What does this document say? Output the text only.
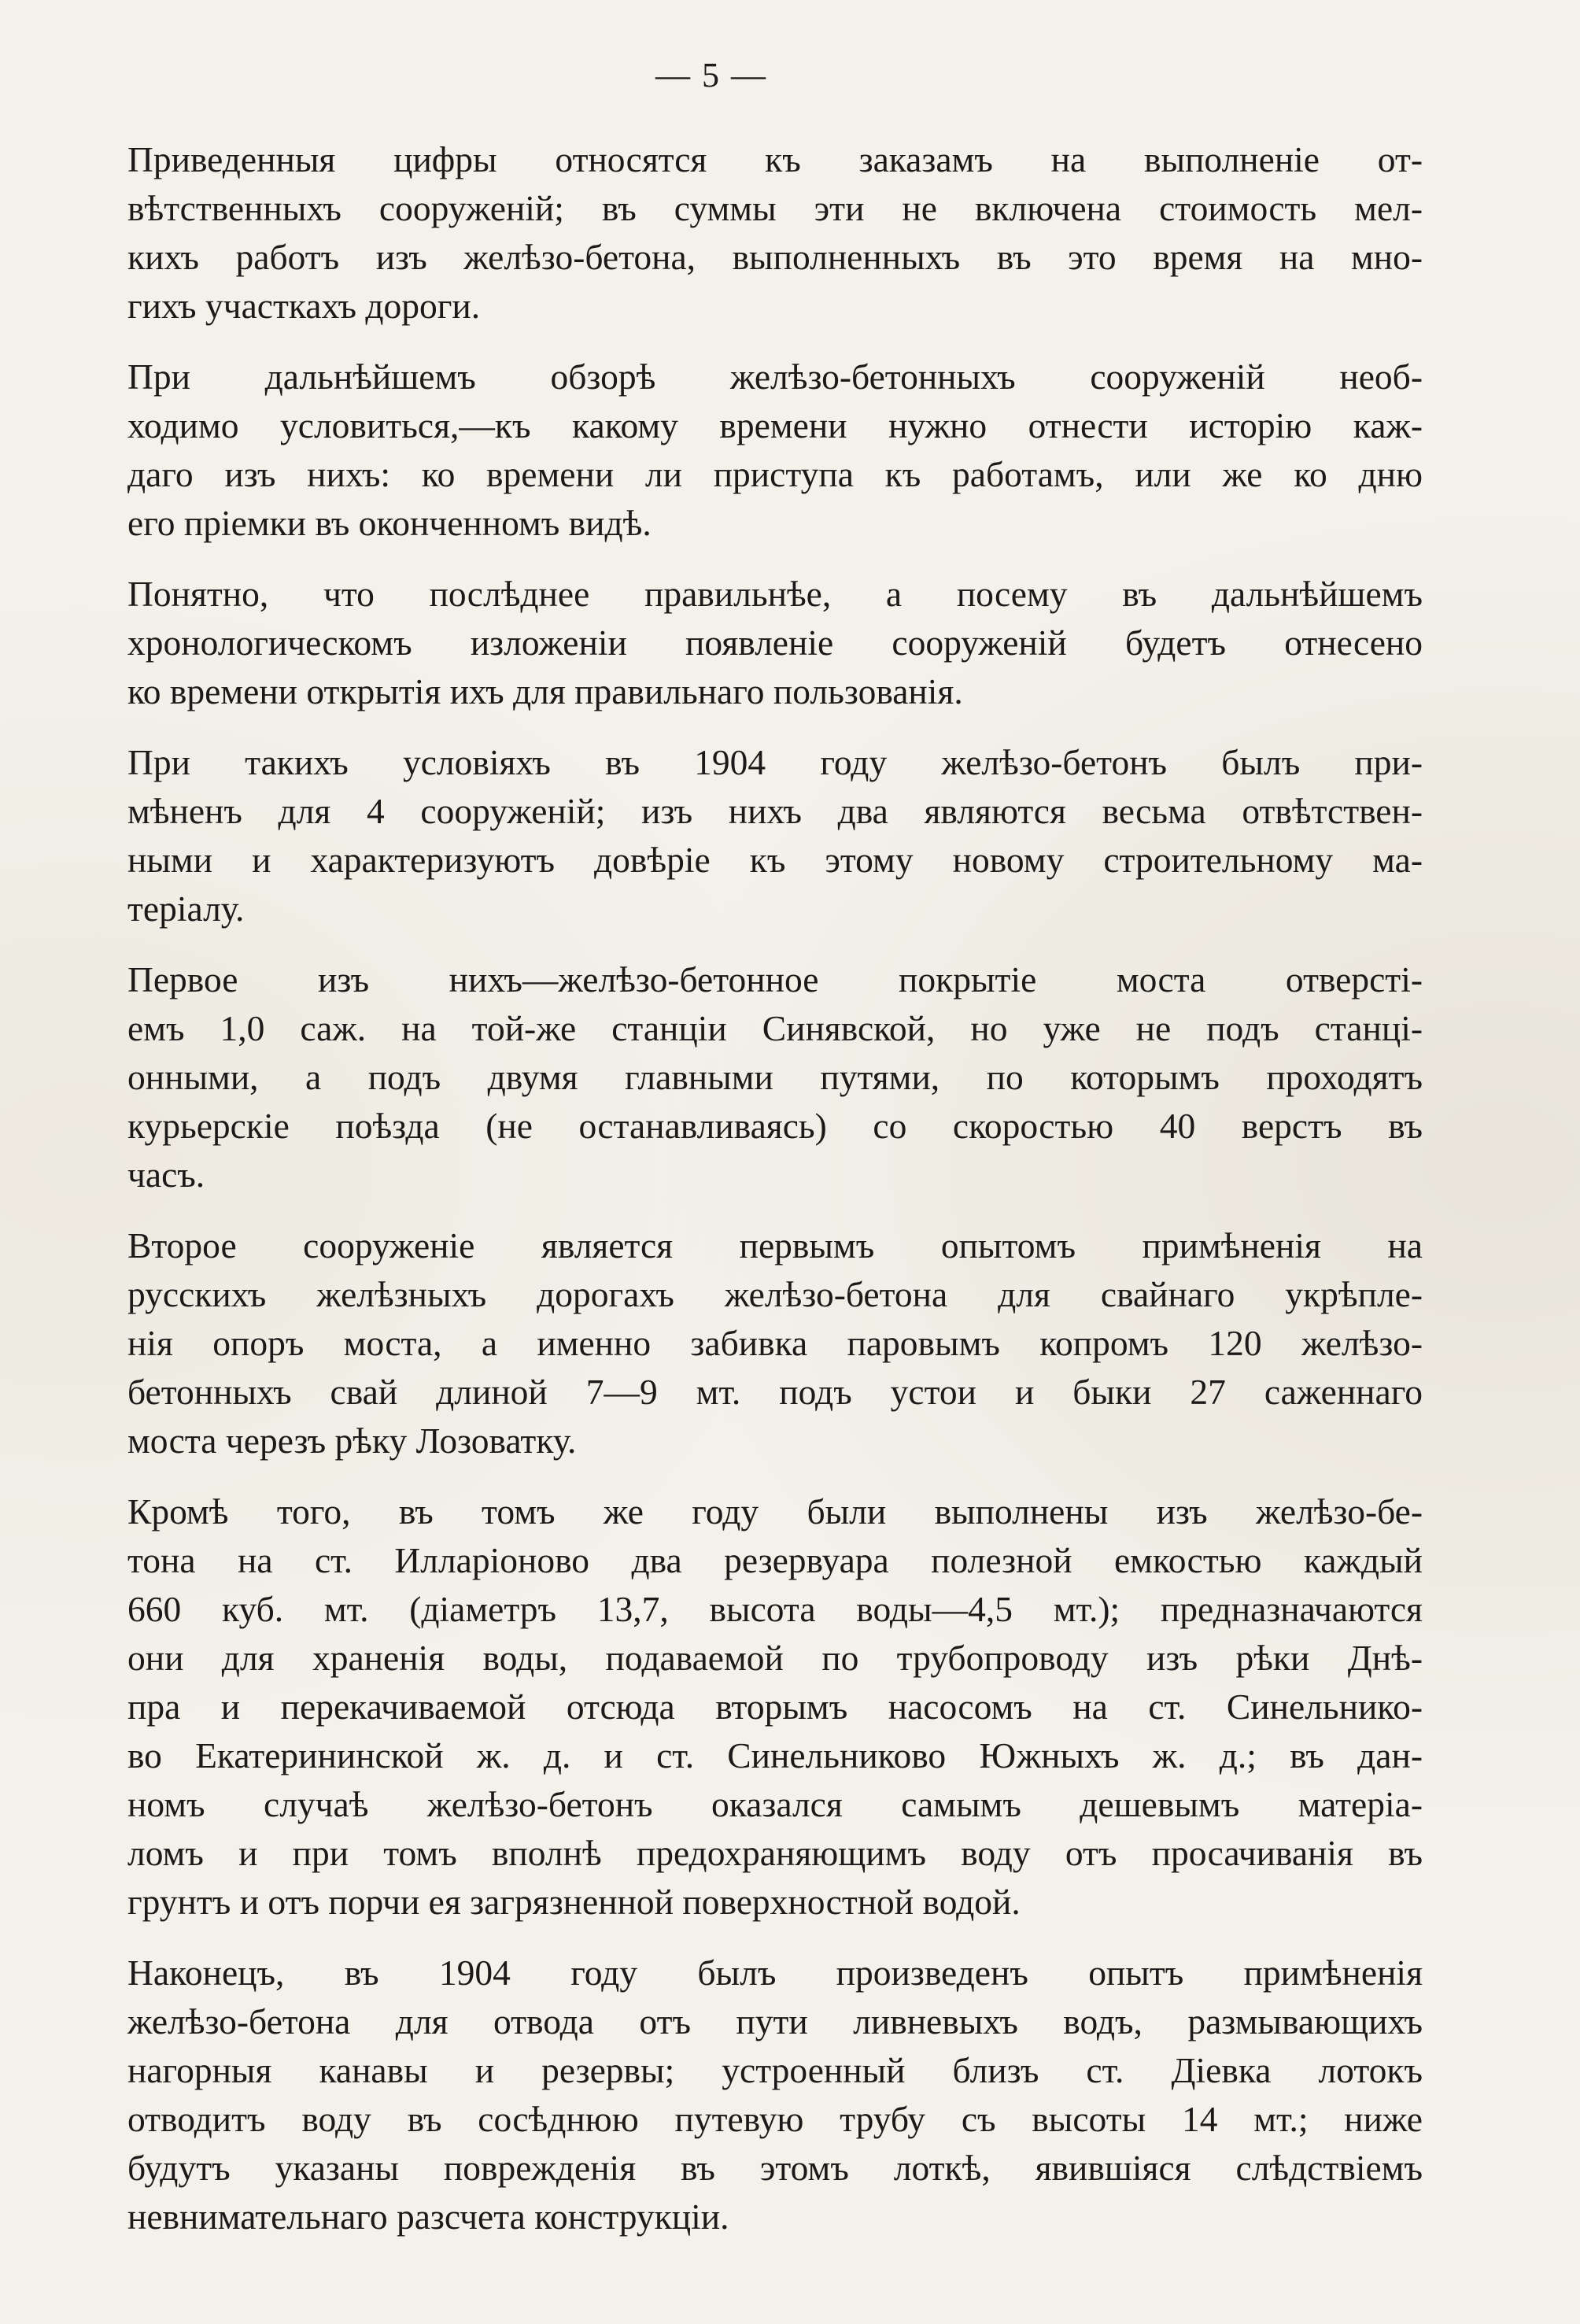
— 5 —

Приведенныя цифры относятся къ заказамъ на выполненіе от-
вѣтственныхъ сооруженій; въ суммы эти не включена стоимость мел-
кихъ работъ изъ желѣзо-бетона, выполненныхъ въ это время на мно-
гихъ участкахъ дороги.

При дальнѣйшемъ обзорѣ желѣзо-бетонныхъ сооруженій необ-
ходимо условиться,—къ какому времени нужно отнести исторію каж-
даго изъ нихъ: ко времени ли приступа къ работамъ, или же ко дню
его пріемки въ оконченномъ видѣ.

Понятно, что послѣднее правильнѣе, а посему въ дальнѣйшемъ
хронологическомъ изложеніи появленіе сооруженій будетъ отнесено
ко времени открытія ихъ для правильнаго пользованія.

При такихъ условіяхъ въ 1904 году желѣзо-бетонъ былъ при-
мѣненъ для 4 сооруженій; изъ нихъ два являются весьма отвѣтствен-
ными и характеризуютъ довѣріе къ этому новому строительному ма-
теріалу.

Первое изъ нихъ—желѣзо-бетонное покрытіе моста отверсті-
емъ 1,0 саж. на той-же станціи Синявской, но уже не подъ станці-
онными, а подъ двумя главными путями, по которымъ проходятъ
курьерскіе поѣзда (не останавливаясь) со скоростью 40 верстъ въ
часъ.

Второе сооруженіе является первымъ опытомъ примѣненія на
русскихъ желѣзныхъ дорогахъ желѣзо-бетона для свайнаго укрѣпле-
нія опоръ моста, а именно забивка паровымъ копромъ 120 желѣзо-
бетонныхъ свай длиной 7—9 мт. подъ устои и быки 27 саженнаго
моста черезъ рѣку Лозоватку.

Кромѣ того, въ томъ же году были выполнены изъ желѣзо-бе-
тона на ст. Илларіоново два резервуара полезной емкостью каждый
660 куб. мт. (діаметръ 13,7, высота воды—4,5 мт.); предназначаются
они для храненія воды, подаваемой по трубопроводу изъ рѣки Днѣ-
пра и перекачиваемой отсюда вторымъ насосомъ на ст. Синельнико-
во Екатерининской ж. д. и ст. Синельниково Южныхъ ж. д.; въ дан-
номъ случаѣ желѣзо-бетонъ оказался самымъ дешевымъ матеріа-
ломъ и при томъ вполнѣ предохраняющимъ воду отъ просачиванія въ
грунтъ и отъ порчи ея загрязненной поверхностной водой.

Наконецъ, въ 1904 году былъ произведенъ опытъ примѣненія
желѣзо-бетона для отвода отъ пути ливневыхъ водъ, размывающихъ
нагорныя канавы и резервы; устроенный близъ ст. Діевка лотокъ
отводитъ воду въ сосѣднюю путевую трубу съ высоты 14 мт.; ниже
будутъ указаны поврежденія въ этомъ лоткѣ, явившіяся слѣдствіемъ
невнимательнаго разсчета конструкціи.
